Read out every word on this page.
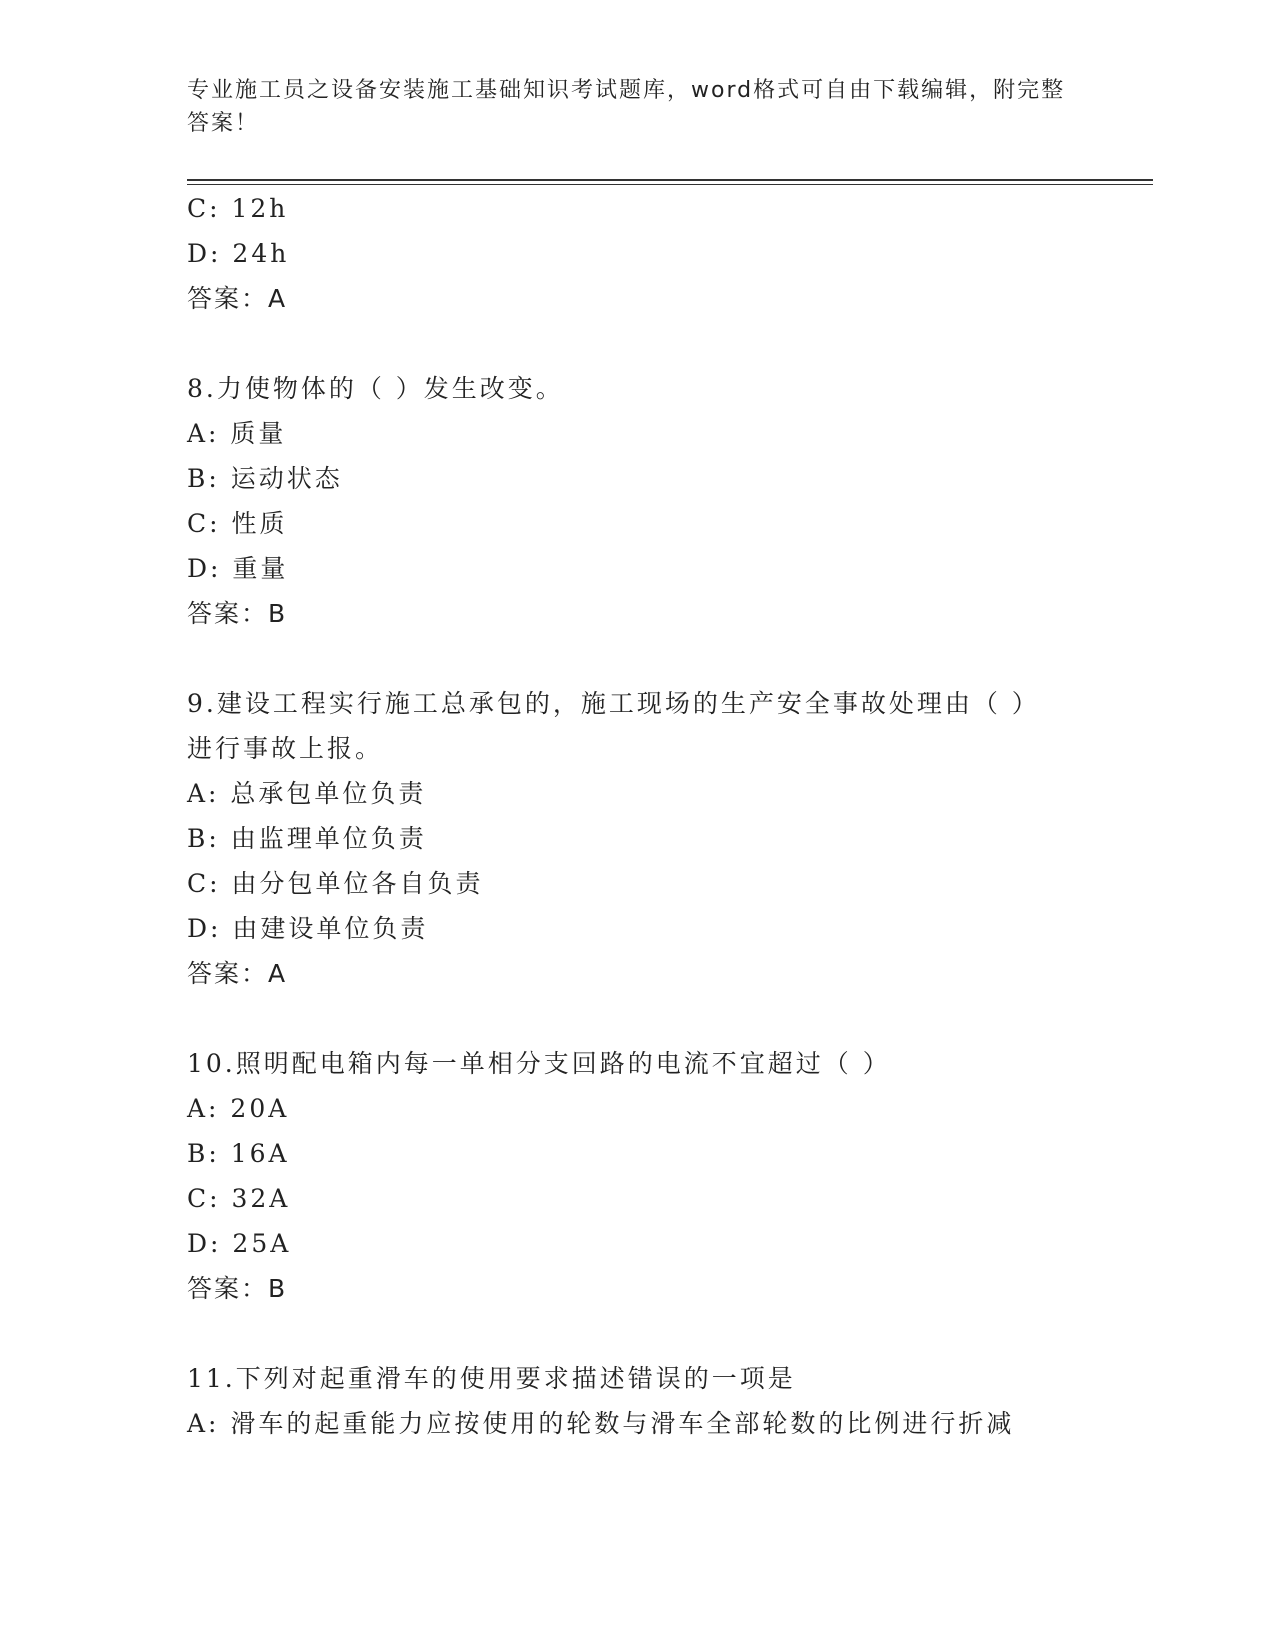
专业施工员之设备安装施工基础知识考试题库，word格式可自由下载编辑，附完整答案！
C: 12h
D: 24h
答案：A
8.力使物体的（ ）发生改变。
A: 质量
B: 运动状态
C: 性质
D: 重量
答案：B
9.建设工程实行施工总承包的，施工现场的生产安全事故处理由（ ）
进行事故上报。
A: 总承包单位负责
B: 由监理单位负责
C: 由分包单位各自负责
D: 由建设单位负责
答案：A
10.照明配电箱内每一单相分支回路的电流不宜超过（ ）
A: 20A
B: 16A
C: 32A
D: 25A
答案：B
11.下列对起重滑车的使用要求描述错误的一项是
A: 滑车的起重能力应按使用的轮数与滑车全部轮数的比例进行折减
